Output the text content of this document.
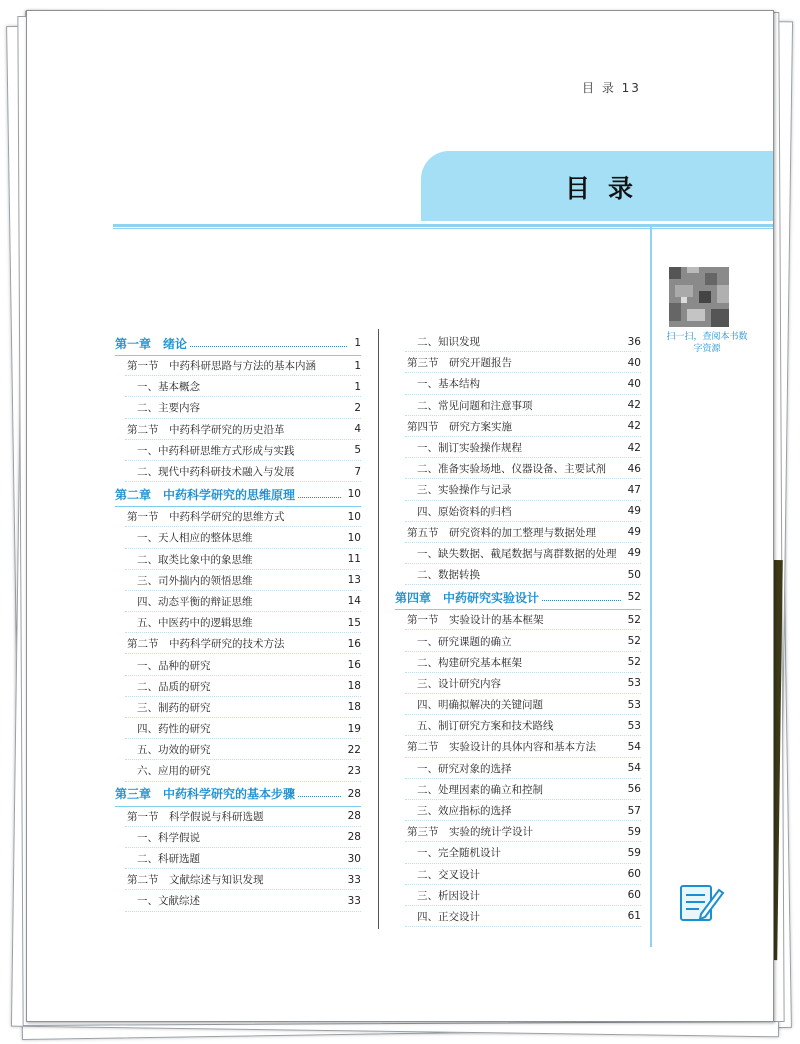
目 录 13
目录
扫一扫，查阅本书数字资源
第一章　绪论	1
第一节　中药科研思路与方法的基本内涵	1
一、基本概念	1
二、主要内容	2
第二节　中药科学研究的历史沿革	4
一、中药科研思维方式形成与实践	5
二、现代中药科研技术融入与发展	7
第二章　中药科学研究的思维原理	10
第一节　中药科学研究的思维方式	10
一、天人相应的整体思维	10
二、取类比象中的象思维	11
三、司外揣内的领悟思维	13
四、动态平衡的辩证思维	14
五、中医药中的逻辑思维	15
第二节　中药科学研究的技术方法	16
一、品种的研究	16
二、品质的研究	18
三、制药的研究	18
四、药性的研究	19
五、功效的研究	22
六、应用的研究	23
第三章　中药科学研究的基本步骤	28
第一节　科学假说与科研选题	28
一、科学假说	28
二、科研选题	30
第二节　文献综述与知识发现	33
一、文献综述	33
二、知识发现	36
第三节　研究开题报告	40
一、基本结构	40
二、常见问题和注意事项	42
第四节　研究方案实施	42
一、制订实验操作规程	42
二、准备实验场地、仪器设备、主要试剂	46
三、实验操作与记录	47
四、原始资料的归档	49
第五节　研究资料的加工整理与数据处理	49
一、缺失数据、截尾数据与离群数据的处理	49
二、数据转换	50
第四章　中药研究实验设计	52
第一节　实验设计的基本框架	52
一、研究课题的确立	52
二、构建研究基本框架	52
三、设计研究内容	53
四、明确拟解决的关键问题	53
五、制订研究方案和技术路线	53
第二节　实验设计的具体内容和基本方法	54
一、研究对象的选择	54
二、处理因素的确立和控制	56
三、效应指标的选择	57
第三节　实验的统计学设计	59
一、完全随机设计	59
二、交叉设计	60
三、析因设计	60
四、正交设计	61
